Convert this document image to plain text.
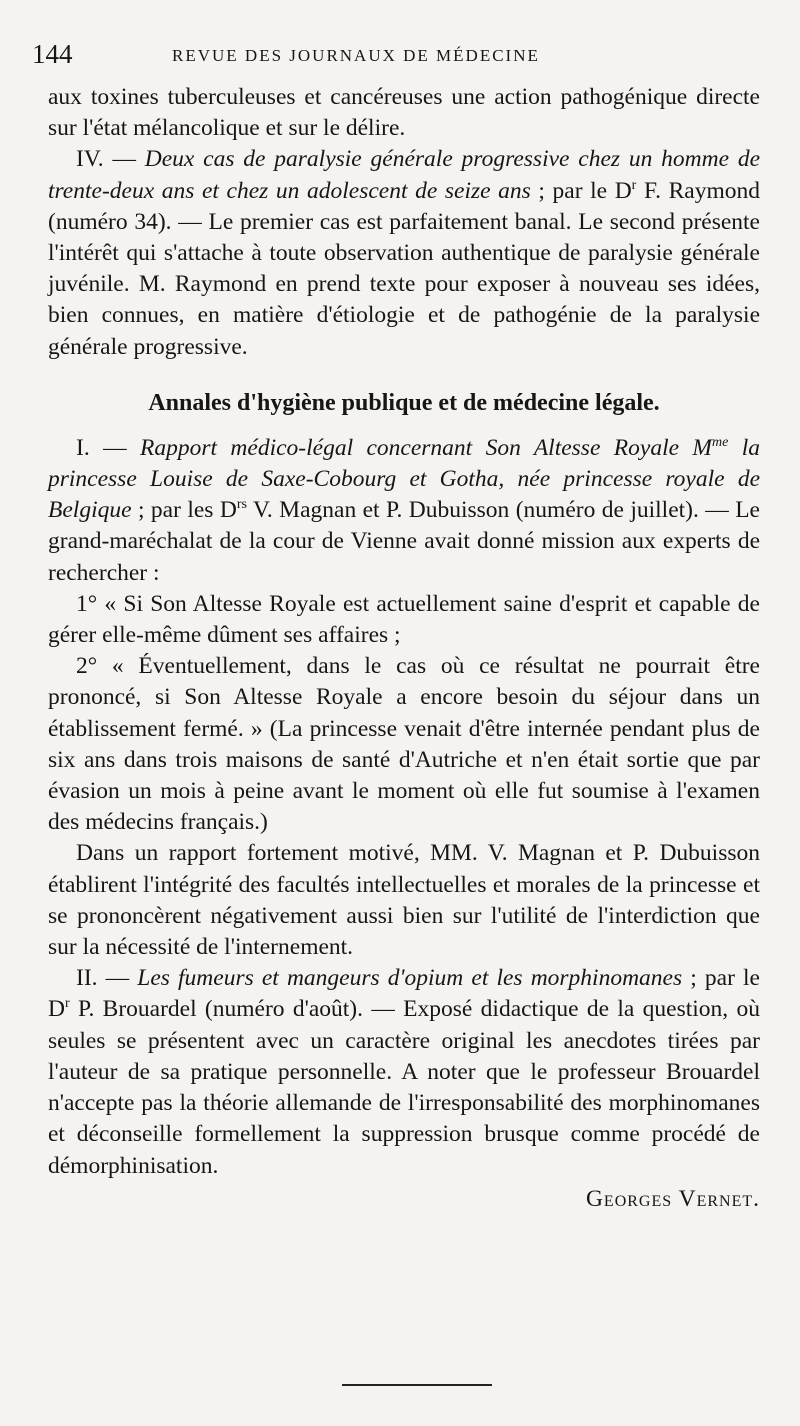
144	REVUE DES JOURNAUX DE MÉDECINE

aux toxines tuberculeuses et cancéreuses une action pathogénique directe sur l'état mélancolique et sur le délire.

IV. — Deux cas de paralysie générale progressive chez un homme de trente-deux ans et chez un adolescent de seize ans ; par le $D^r$ F. Raymond (numéro 34). — Le premier cas est parfaitement banal. Le second présente l'intérêt qui s'attache à toute observation authentique de paralysie générale juvénile. M. Raymond en prend texte pour exposer à nouveau ses idées, bien connues, en matière d'étiologie et de pathogénie de la paralysie générale progressive.

Annales d'hygiène publique et de médecine légale.

I. — Rapport médico-légal concernant Son Altesse Royale $M^{me}$ la princesse Louise de Saxe-Cobourg et Gotha, née princesse royale de Belgique ; par les $D^{rs}$ V. Magnan et P. Dubuisson (numéro de juillet). — Le grand-maréchalat de la cour de Vienne avait donné mission aux experts de rechercher :

1° « Si Son Altesse Royale est actuellement saine d'esprit et capable de gérer elle-même dûment ses affaires ;

2° « Éventuellement, dans le cas où ce résultat ne pourrait être prononcé, si Son Altesse Royale a encore besoin du séjour dans un établissement fermé. » (La princesse venait d'être internée pendant plus de six ans dans trois maisons de santé d'Autriche et n'en était sortie que par évasion un mois à peine avant le moment où elle fut soumise à l'examen des médecins français.)

Dans un rapport fortement motivé, MM. V. Magnan et P. Dubuisson établirent l'intégrité des facultés intellectuelles et morales de la princesse et se prononcèrent négativement aussi bien sur l'utilité de l'interdiction que sur la nécessité de l'internement.

II. — Les fumeurs et mangeurs d'opium et les morphinomanes ; par le $D^r$ P. Brouardel (numéro d'août). — Exposé didactique de la question, où seules se présentent avec un caractère original les anecdotes tirées par l'auteur de sa pratique personnelle. A noter que le professeur Brouardel n'accepte pas la théorie allemande de l'irresponsabilité des morphinomanes et déconseille formellement la suppression brusque comme procédé de démorphinisation.

Georges Vernet.
